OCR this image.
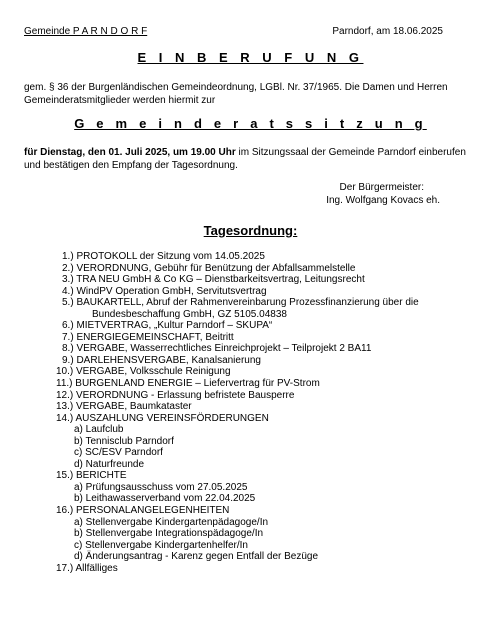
Gemeinde P A R N D O R F	Parndorf, am 18.06.2025
E I N B E R U F U N G
gem. § 36 der Burgenländischen Gemeindeordnung, LGBl. Nr. 37/1965. Die Damen und Herren Gemeinderatsmitglieder werden hiermit zur
G e m e i n d e r a t s s i t z u n g
für Dienstag, den 01. Juli 2025, um 19.00 Uhr im Sitzungssaal der Gemeinde Parndorf einberufen und bestätigen den Empfang der Tagesordnung.
Der Bürgermeister:
Ing. Wolfgang Kovacs eh.
Tagesordnung:
1.) PROTOKOLL der Sitzung vom 14.05.2025
2.) VERORDNUNG, Gebühr für Benützung der Abfallsammelstelle
3.) TRA NEU GmbH & Co KG – Dienstbarkeitsvertrag, Leitungsrecht
4.) WindPV Operation GmbH, Servitutsvertrag
5.) BAUKARTELL, Abruf der Rahmenvereinbarung Prozessfinanzierung über die
Bundesbeschaffung GmbH, GZ 5105.04838
6.) MIETVERTRAG, „Kultur Parndorf – SKUPA“
7.) ENERGIEGEMEINSCHAFT, Beitritt
8.) VERGABE, Wasserrechtliches Einreichprojekt – Teilprojekt 2 BA11
9.) DARLEHENSVERGABE, Kanalsanierung
10.) VERGABE, Volksschule Reinigung
11.) BURGENLAND ENERGIE – Liefervertrag für PV-Strom
12.) VERORDNUNG - Erlassung befristete Bausperre
13.) VERGABE, Baumkataster
14.) AUSZAHLUNG VEREINSFÖRDERUNGEN
a) Laufclub
b) Tennisclub Parndorf
c) SC/ESV Parndorf
d) Naturfreunde
15.) BERICHTE
a) Prüfungsausschuss vom 27.05.2025
b) Leithawasserverband vom 22.04.2025
16.) PERSONALANGELEGENHEITEN
a) Stellenvergabe Kindergartenpädagoge/In
b) Stellenvergabe Integrationspädagoge/In
c) Stellenvergabe Kindergartenhelfer/In
d) Änderungsantrag - Karenz gegen Entfall der Bezüge
17.) Allfälliges
